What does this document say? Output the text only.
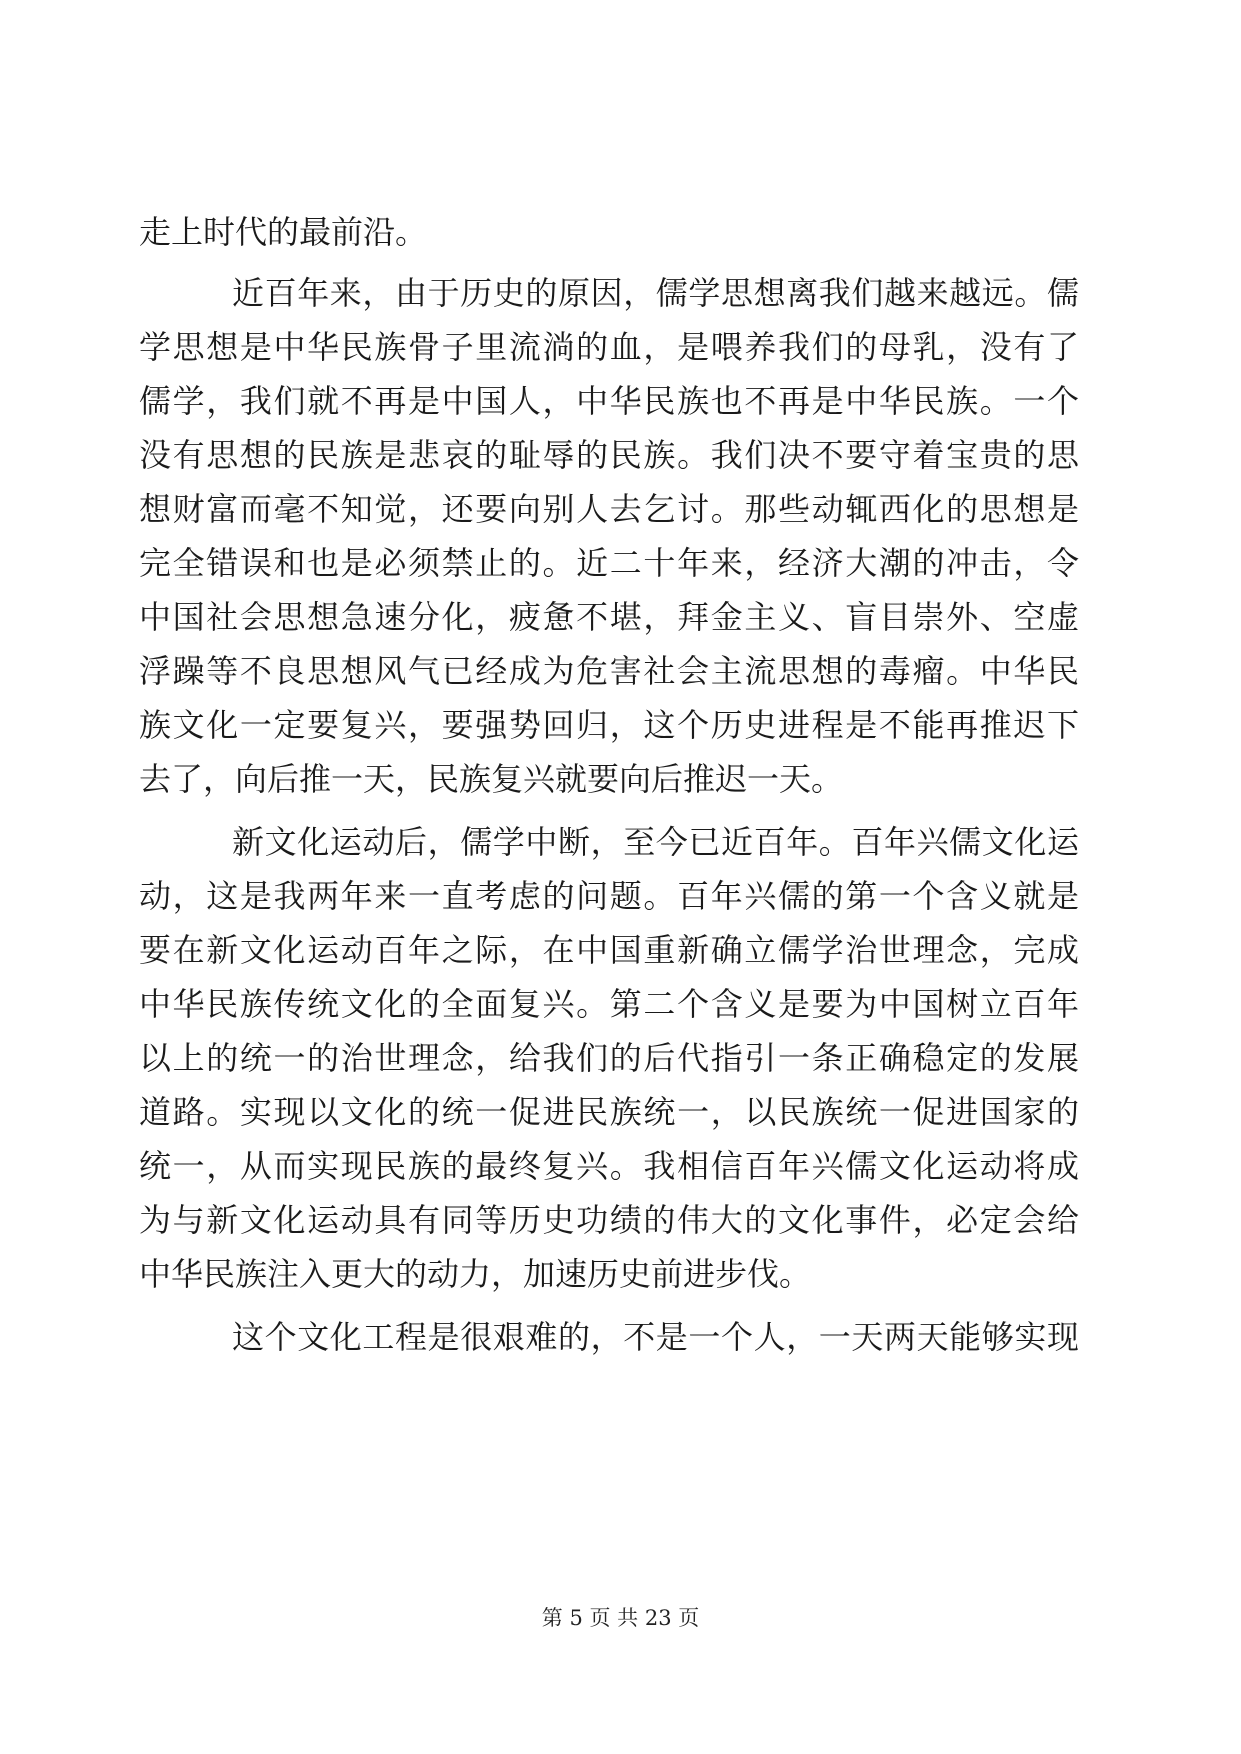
走上时代的最前沿。
近百年来，由于历史的原因，儒学思想离我们越来越远。儒
学思想是中华民族骨子里流淌的血，是喂养我们的母乳，没有了
儒学，我们就不再是中国人，中华民族也不再是中华民族。一个
没有思想的民族是悲哀的耻辱的民族。我们决不要守着宝贵的思
想财富而毫不知觉，还要向别人去乞讨。那些动辄西化的思想是
完全错误和也是必须禁止的。近二十年来，经济大潮的冲击，令
中国社会思想急速分化，疲惫不堪，拜金主义、盲目崇外、空虚
浮躁等不良思想风气已经成为危害社会主流思想的毒瘤。中华民
族文化一定要复兴，要强势回归，这个历史进程是不能再推迟下
去了，向后推一天，民族复兴就要向后推迟一天。
新文化运动后，儒学中断，至今已近百年。百年兴儒文化运
动，这是我两年来一直考虑的问题。百年兴儒的第一个含义就是
要在新文化运动百年之际，在中国重新确立儒学治世理念，完成
中华民族传统文化的全面复兴。第二个含义是要为中国树立百年
以上的统一的治世理念，给我们的后代指引一条正确稳定的发展
道路。实现以文化的统一促进民族统一，以民族统一促进国家的
统一，从而实现民族的最终复兴。我相信百年兴儒文化运动将成
为与新文化运动具有同等历史功绩的伟大的文化事件，必定会给
中华民族注入更大的动力，加速历史前进步伐。
这个文化工程是很艰难的，不是一个人，一天两天能够实现
第 5 页 共 23 页
